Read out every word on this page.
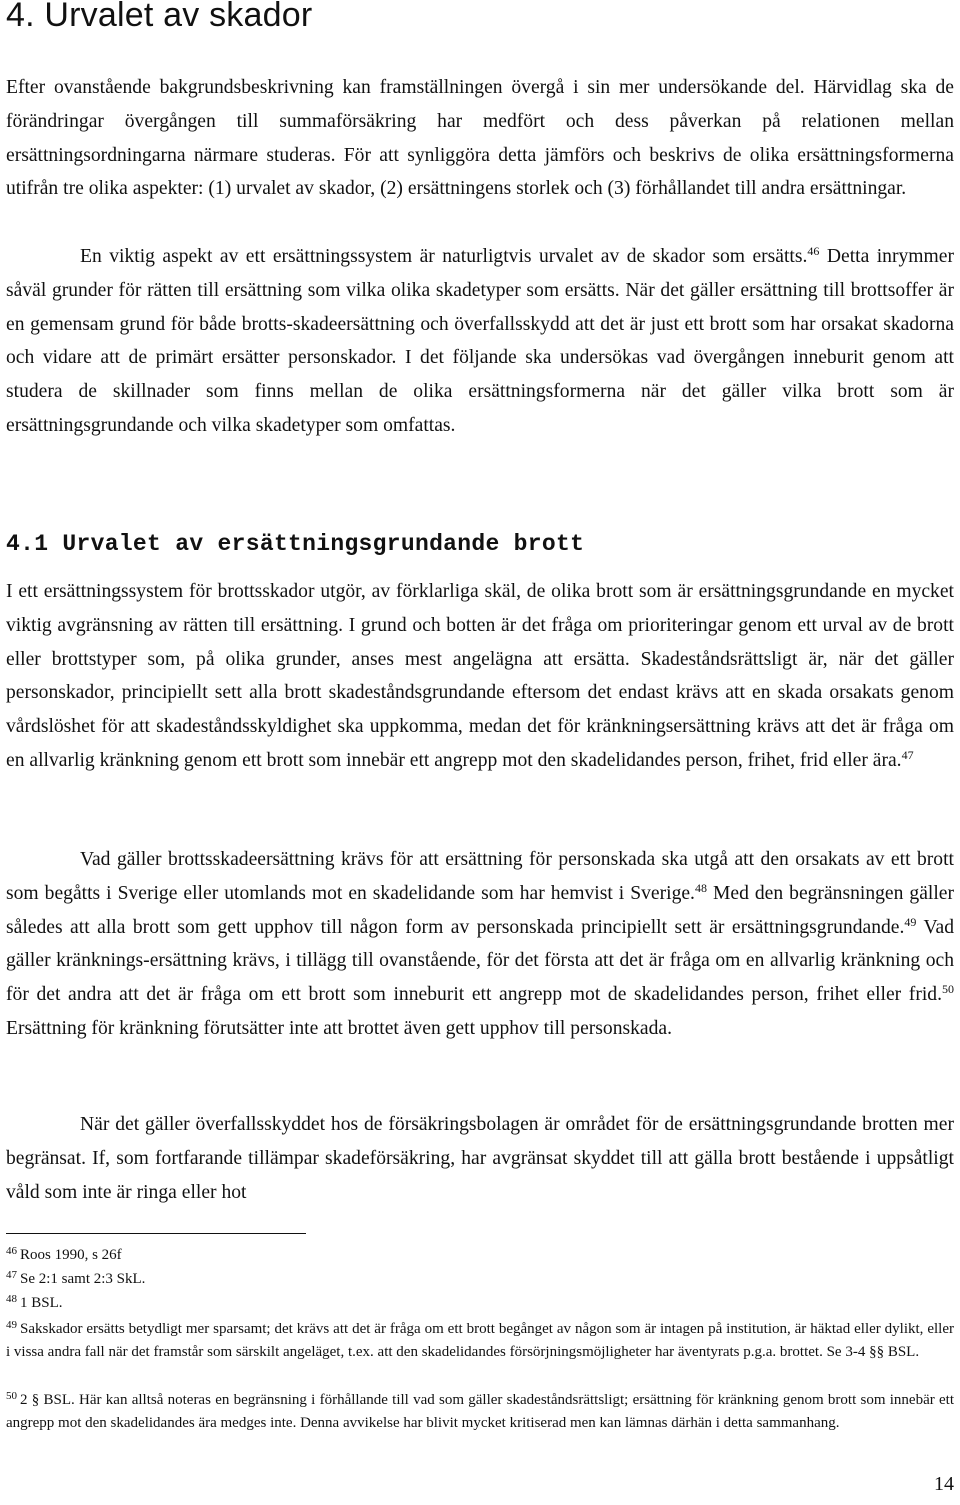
4. Urvalet av skador

Efter ovanstående bakgrundsbeskrivning kan framställningen övergå i sin mer undersökande del. Härvidlag ska de förändringar övergången till summaförsäkring har medfört och dess påverkan på relationen mellan ersättningsordningarna närmare studeras. För att synliggöra detta jämförs och beskrivs de olika ersättningsformerna utifrån tre olika aspekter: (1) urvalet av skador, (2) ersättningens storlek och (3) förhållandet till andra ersättningar.

En viktig aspekt av ett ersättningssystem är naturligtvis urvalet av de skador som ersätts.$^{46}$ Detta inrymmer såväl grunder för rätten till ersättning som vilka olika skadetyper som ersätts. När det gäller ersättning till brottsoffer är en gemensam grund för både brotts-skadeersättning och överfallsskydd att det är just ett brott som har orsakat skadorna och vidare att de primärt ersätter personskador. I det följande ska undersökas vad övergången inneburit genom att studera de skillnader som finns mellan de olika ersättningsformerna när det gäller vilka brott som är ersättningsgrundande och vilka skadetyper som omfattas.

4.1 Urvalet av ersättningsgrundande brott

I ett ersättningssystem för brottsskador utgör, av förklarliga skäl, de olika brott som är ersättningsgrundande en mycket viktig avgränsning av rätten till ersättning. I grund och botten är det fråga om prioriteringar genom ett urval av de brott eller brottstyper som, på olika grunder, anses mest angelägna att ersätta. Skadeståndsrättsligt är, när det gäller personskador, principiellt sett alla brott skadeståndsgrundande eftersom det endast krävs att en skada orsakats genom vårdslöshet för att skadeståndsskyldighet ska uppkomma, medan det för kränkningsersättning krävs att det är fråga om en allvarlig kränkning genom ett brott som innebär ett angrepp mot den skadelidandes person, frihet, frid eller ära.$^{47}$

Vad gäller brottsskadeersättning krävs för att ersättning för personskada ska utgå att den orsakats av ett brott som begåtts i Sverige eller utomlands mot en skadelidande som har hemvist i Sverige.$^{48}$ Med den begränsningen gäller således att alla brott som gett upphov till någon form av personskada principiellt sett är ersättningsgrundande.$^{49}$ Vad gäller kränknings-ersättning krävs, i tillägg till ovanstående, för det första att det är fråga om en allvarlig kränkning och för det andra att det är fråga om ett brott som inneburit ett angrepp mot de skadelidandes person, frihet eller frid.$^{50}$ Ersättning för kränkning förutsätter inte att brottet även gett upphov till personskada.

När det gäller överfallsskyddet hos de försäkringsbolagen är området för de ersättningsgrundande brotten mer begränsat. If, som fortfarande tillämpar skadeförsäkring, har avgränsat skyddet till att gälla brott bestående i uppsåtligt våld som inte är ringa eller hot

$^{46}$ Roos 1990, s 26f

$^{47}$ Se 2:1 samt 2:3 SkL.

$^{48}$ 1 BSL.

$^{49}$ Sakskador ersätts betydligt mer sparsamt; det krävs att det är fråga om ett brott begånget av någon som är intagen på institution, är häktad eller dylikt, eller i vissa andra fall när det framstår som särskilt angeläget, t.ex. att den skadelidandes försörjningsmöjligheter har äventyrats p.g.a. brottet. Se 3-4 §§ BSL.

$^{50}$ 2 § BSL. Här kan alltså noteras en begränsning i förhållande till vad som gäller skadeståndsrättsligt; ersättning för kränkning genom brott som innebär ett angrepp mot den skadelidandes ära medges inte. Denna avvikelse har blivit mycket kritiserad men kan lämnas därhän i detta sammanhang.

14
